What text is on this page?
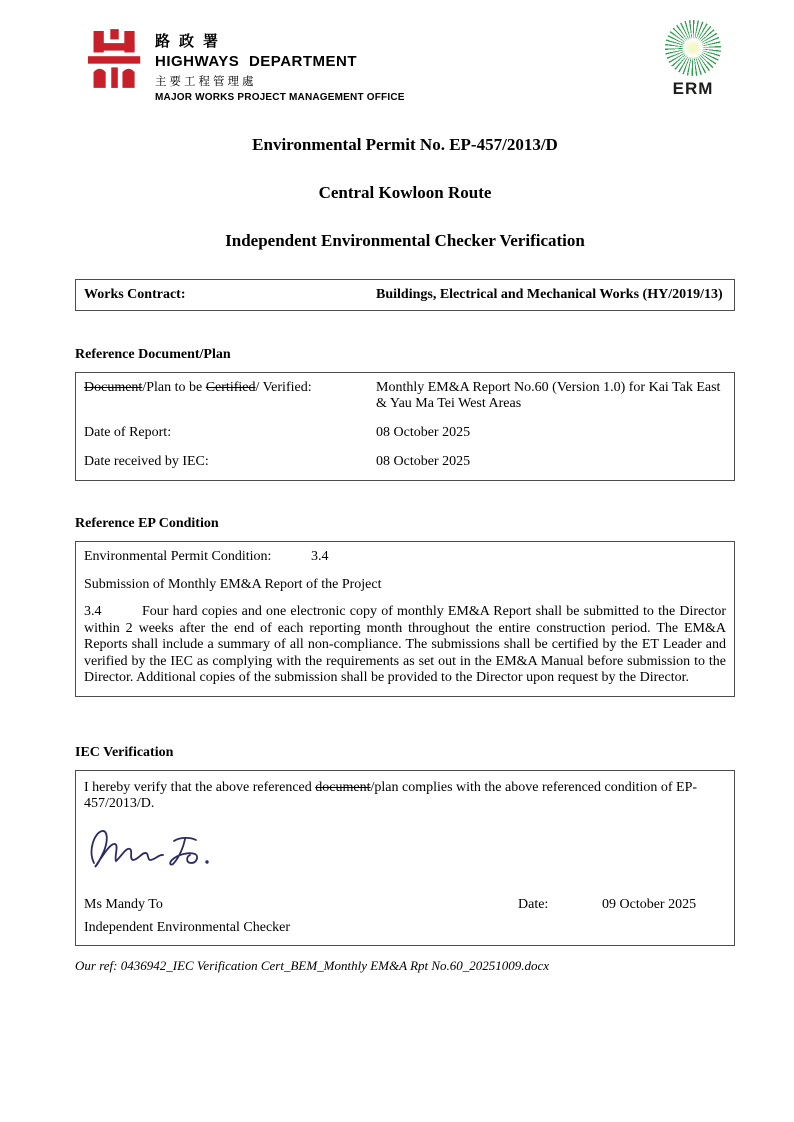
路政署
HIGHWAYS DEPARTMENT
主要工程管理處
MAJOR WORKS PROJECT MANAGEMENT OFFICE	ERM
Environmental Permit No. EP-457/2013/D
Central Kowloon Route
Independent Environmental Checker Verification
Works Contract:	Buildings, Electrical and Mechanical Works (HY/2019/13)
Reference Document/Plan
Document/Plan to be Certified/ Verified:	Monthly EM&A Report No.60 (Version 1.0) for Kai Tak East & Yau Ma Tei West Areas
Date of Report:	08 October 2025
Date received by IEC:	08 October 2025
Reference EP Condition
Environmental Permit Condition:	3.4
Submission of Monthly EM&A Report of the Project

3.4	Four hard copies and one electronic copy of monthly EM&A Report shall be submitted to the Director within 2 weeks after the end of each reporting month throughout the entire construction period. The EM&A Reports shall include a summary of all non-compliance. The submissions shall be certified by the ET Leader and verified by the IEC as complying with the requirements as set out in the EM&A Manual before submission to the Director. Additional copies of the submission shall be provided to the Director upon request by the Director.

IEC Verification

I hereby verify that the above referenced document/plan complies with the above referenced condition of EP-457/2013/D.

Ms Mandy To	Date:	09 October 2025
Independent Environmental Checker
Our ref: 0436942_IEC Verification Cert_BEM_Monthly EM&A Rpt No.60_20251009.docx
